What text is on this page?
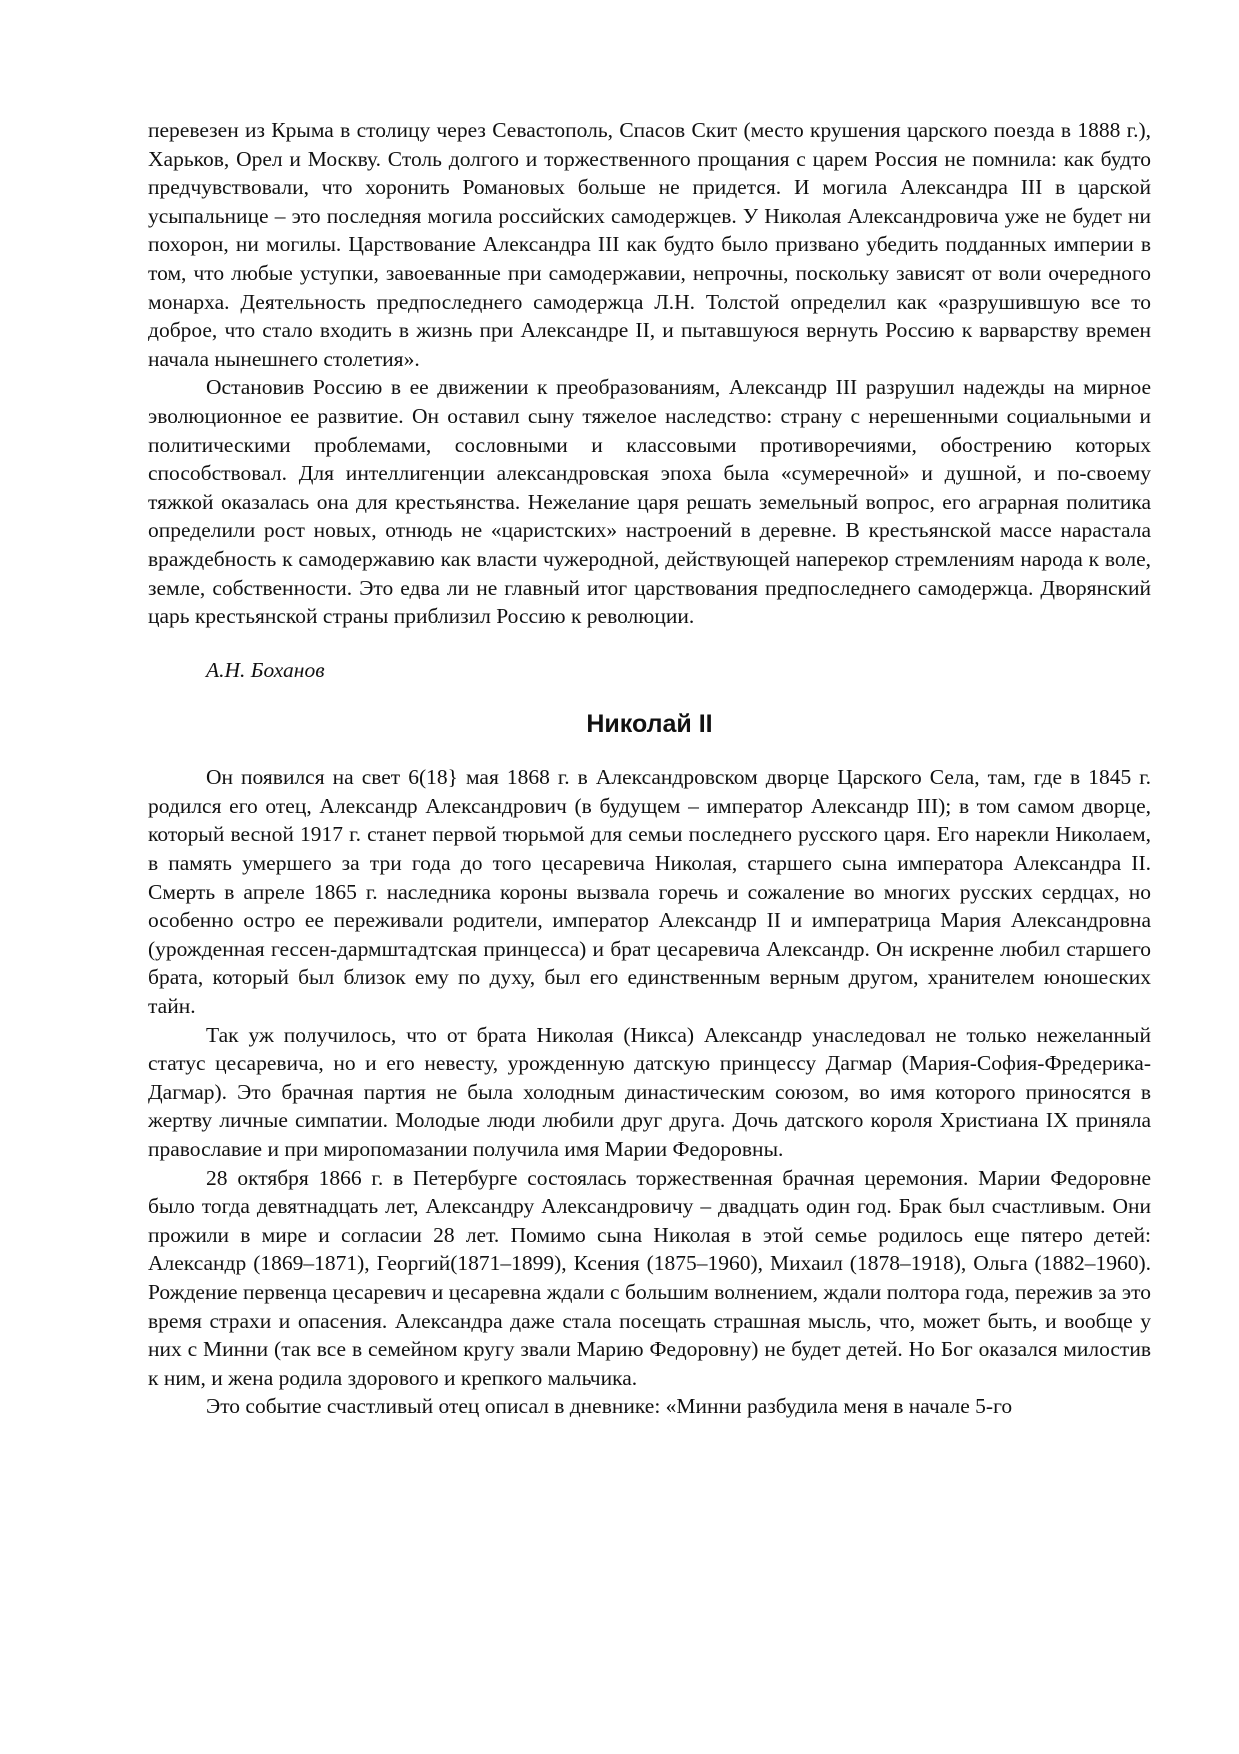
перевезен из Крыма в столицу через Севастополь, Спасов Скит (место крушения царского поезда в 1888 г.), Харьков, Орел и Москву. Столь долгого и торжественного прощания с царем Россия не помнила: как будто предчувствовали, что хоронить Романовых больше не придется. И могила Александра III в царской усыпальнице – это последняя могила российских самодержцев. У Николая Александровича уже не будет ни похорон, ни могилы. Царствование Александра III как будто было призвано убедить подданных империи в том, что любые уступки, завоеванные при самодержавии, непрочны, поскольку зависят от воли очередного монарха. Деятельность предпоследнего самодержца Л.Н. Толстой определил как «разрушившую все то доброе, что стало входить в жизнь при Александре II, и пытавшуюся вернуть Россию к варварству времен начала нынешнего столетия».

Остановив Россию в ее движении к преобразованиям, Александр III разрушил надежды на мирное эволюционное ее развитие. Он оставил сыну тяжелое наследство: страну с нерешенными социальными и политическими проблемами, сословными и классовыми противоречиями, обострению которых способствовал. Для интеллигенции александровская эпоха была «сумеречной» и душной, и по-своему тяжкой оказалась она для крестьянства. Нежелание царя решать земельный вопрос, его аграрная политика определили рост новых, отнюдь не «царистских» настроений в деревне. В крестьянской массе нарастала враждебность к самодержавию как власти чужеродной, действующей наперекор стремлениям народа к воле, земле, собственности. Это едва ли не главный итог царствования предпоследнего самодержца. Дворянский царь крестьянской страны приблизил Россию к революции.

А.Н. Боханов

Николай II

Он появился на свет 6(18} мая 1868 г. в Александровском дворце Царского Села, там, где в 1845 г. родился его отец, Александр Александрович (в будущем – император Александр III); в том самом дворце, который весной 1917 г. станет первой тюрьмой для семьи последнего русского царя. Его нарекли Николаем, в память умершего за три года до того цесаревича Николая, старшего сына императора Александра II. Смерть в апреле 1865 г. наследника короны вызвала горечь и сожаление во многих русских сердцах, но особенно остро ее переживали родители, император Александр II и императрица Мария Александровна (урожденная гессен-дармштадтская принцесса) и брат цесаревича Александр. Он искренне любил старшего брата, который был близок ему по духу, был его единственным верным другом, хранителем юношеских тайн.

Так уж получилось, что от брата Николая (Никса) Александр унаследовал не только нежеланный статус цесаревича, но и его невесту, урожденную датскую принцессу Дагмар (Мария-София-Фредерика-Дагмар). Это брачная партия не была холодным династическим союзом, во имя которого приносятся в жертву личные симпатии. Молодые люди любили друг друга. Дочь датского короля Христиана IX приняла православие и при миропомазании получила имя Марии Федоровны.

28 октября 1866 г. в Петербурге состоялась торжественная брачная церемония. Марии Федоровне было тогда девятнадцать лет, Александру Александровичу – двадцать один год. Брак был счастливым. Они прожили в мире и согласии 28 лет. Помимо сына Николая в этой семье родилось еще пятеро детей: Александр (1869–1871), Георгий(1871–1899), Ксения (1875–1960), Михаил (1878–1918), Ольга (1882–1960). Рождение первенца цесаревич и цесаревна ждали с большим волнением, ждали полтора года, пережив за это время страхи и опасения. Александра даже стала посещать страшная мысль, что, может быть, и вообще у них с Минни (так все в семейном кругу звали Марию Федоровну) не будет детей. Но Бог оказался милостив к ним, и жена родила здорового и крепкого мальчика.

Это событие счастливый отец описал в дневнике: «Минни разбудила меня в начале 5-го
